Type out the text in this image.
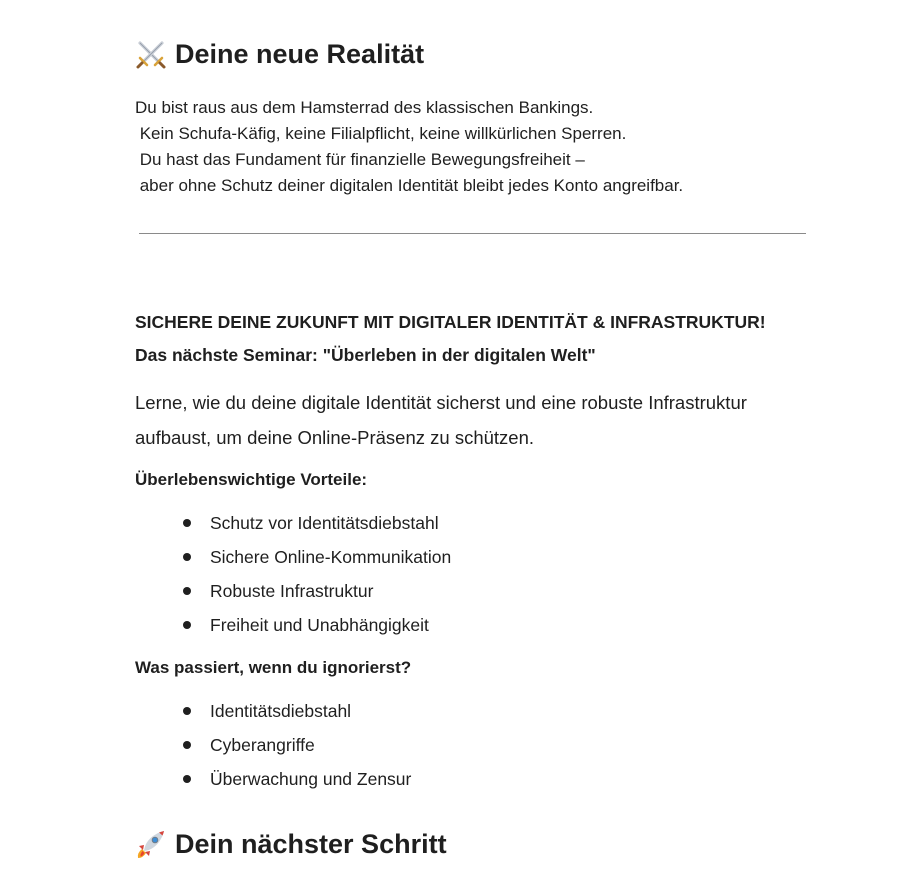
Deine neue Realität
Du bist raus aus dem Hamsterrad des klassischen Bankings.
Kein Schufa-Käfig, keine Filialpflicht, keine willkürlichen Sperren.
Du hast das Fundament für finanzielle Bewegungsfreiheit –
aber ohne Schutz deiner digitalen Identität bleibt jedes Konto angreifbar.
SICHERE DEINE ZUKUNFT MIT DIGITALER IDENTITÄT & INFRASTRUKTUR!
Das nächste Seminar: "Überleben in der digitalen Welt"
Lerne, wie du deine digitale Identität sicherst und eine robuste Infrastruktur aufbaust, um deine Online-Präsenz zu schützen.
Überlebenswichtige Vorteile:
Schutz vor Identitätsdiebstahl
Sichere Online-Kommunikation
Robuste Infrastruktur
Freiheit und Unabhängigkeit
Was passiert, wenn du ignorierst?
Identitätsdiebstahl
Cyberangriffe
Überwachung und Zensur
Dein nächster Schritt
